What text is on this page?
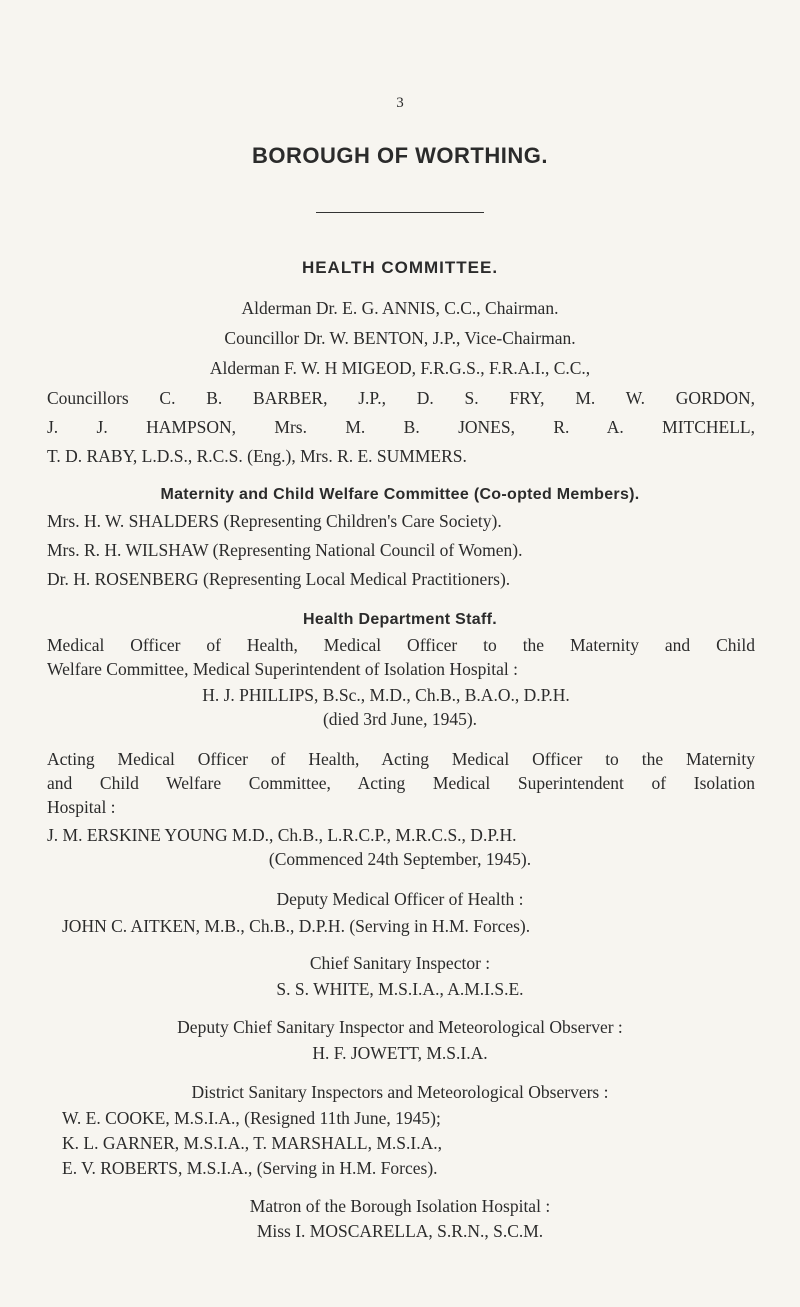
3
BOROUGH OF WORTHING.
HEALTH COMMITTEE.
Alderman Dr. E. G. ANNIS, C.C., Chairman.
Councillor Dr. W. BENTON, J.P., Vice-Chairman.
Alderman F. W. H MIGEOD, F.R.G.S., F.R.A.I., C.C.,
Councillors C. B. BARBER, J.P., D. S. FRY, M. W. GORDON,
J. J. HAMPSON, Mrs. M. B. JONES, R. A. MITCHELL,
T. D. RABY, L.D.S., R.C.S. (Eng.), Mrs. R. E. SUMMERS.
Maternity and Child Welfare Committee (Co-opted Members).
Mrs. H. W. SHALDERS (Representing Children's Care Society).
Mrs. R. H. WILSHAW (Representing National Council of Women).
Dr. H. ROSENBERG (Representing Local Medical Practitioners).
Health Department Staff.
Medical Officer of Health, Medical Officer to the Maternity and Child
Welfare Committee, Medical Superintendent of Isolation Hospital :
H. J. PHILLIPS, B.Sc., M.D., Ch.B., B.A.O., D.P.H.
(died 3rd June, 1945).
Acting Medical Officer of Health, Acting Medical Officer to the Maternity
and Child Welfare Committee, Acting Medical Superintendent of Isolation
Hospital :
J. M. ERSKINE YOUNG M.D., Ch.B., L.R.C.P., M.R.C.S., D.P.H.
(Commenced 24th September, 1945).
Deputy Medical Officer of Health :
JOHN C. AITKEN, M.B., Ch.B., D.P.H. (Serving in H.M. Forces).
Chief Sanitary Inspector :
S. S. WHITE, M.S.I.A., A.M.I.S.E.
Deputy Chief Sanitary Inspector and Meteorological Observer :
H. F. JOWETT, M.S.I.A.
District Sanitary Inspectors and Meteorological Observers :
W. E. COOKE, M.S.I.A., (Resigned 11th June, 1945);
K. L. GARNER, M.S.I.A., T. MARSHALL, M.S.I.A.,
E. V. ROBERTS, M.S.I.A., (Serving in H.M. Forces).
Matron of the Borough Isolation Hospital :
Miss I. MOSCARELLA, S.R.N., S.C.M.
